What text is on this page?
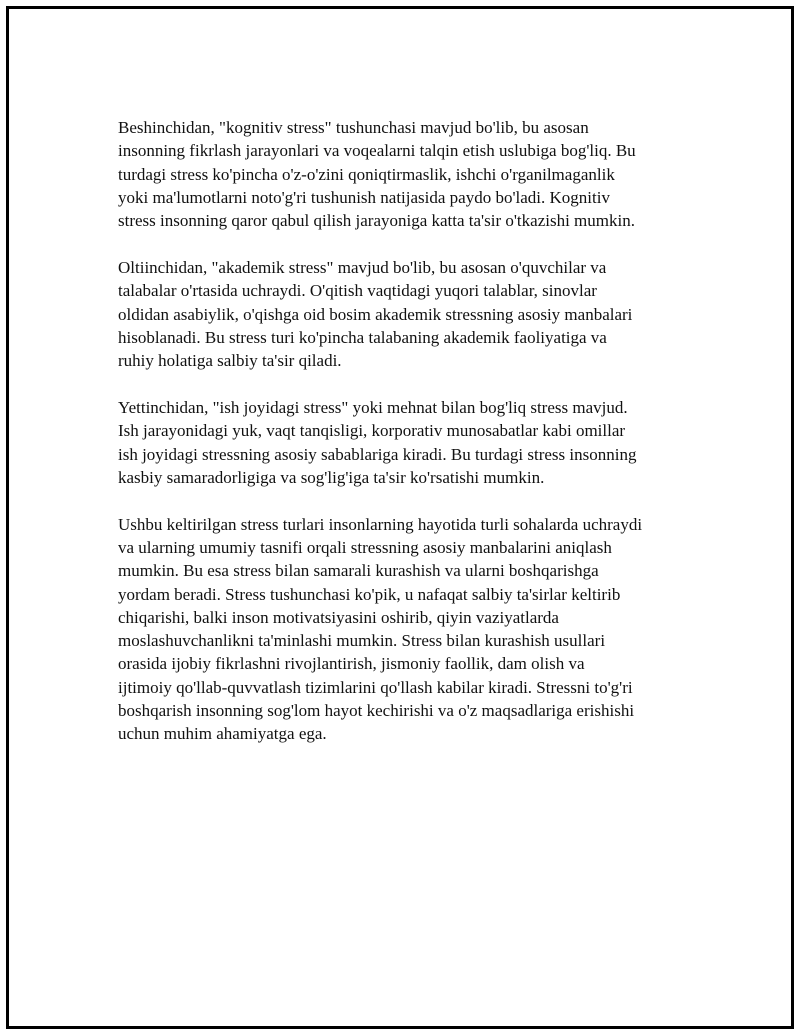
Beshinchidan, "kognitiv stress" tushunchasi mavjud bo'lib, bu asosan
insonning fikrlash jarayonlari va voqealarni talqin etish uslubiga bog'liq. Bu
turdagi stress ko'pincha o'z-o'zini qoniqtirmaslik, ishchi o'rganilmaganlik
yoki ma'lumotlarni noto'g'ri tushunish natijasida paydo bo'ladi. Kognitiv
stress insonning qaror qabul qilish jarayoniga katta ta'sir o'tkazishi mumkin.

Oltiinchidan, "akademik stress" mavjud bo'lib, bu asosan o'quvchilar va
talabalar o'rtasida uchraydi. O'qitish vaqtidagi yuqori talablar, sinovlar
oldidan asabiylik, o'qishga oid bosim akademik stressning asosiy manbalari
hisoblanadi. Bu stress turi ko'pincha talabaning akademik faoliyatiga va
ruhiy holatiga salbiy ta'sir qiladi.

Yettinchidan, "ish joyidagi stress" yoki mehnat bilan bog'liq stress mavjud.
Ish jarayonidagi yuk, vaqt tanqisligi, korporativ munosabatlar kabi omillar
ish joyidagi stressning asosiy sabablariga kiradi. Bu turdagi stress insonning
kasbiy samaradorligiga va sog'lig'iga ta'sir ko'rsatishi mumkin.

Ushbu keltirilgan stress turlari insonlarning hayotida turli sohalarda uchraydi
va ularning umumiy tasnifi orqali stressning asosiy manbalarini aniqlash
mumkin. Bu esa stress bilan samarali kurashish va ularni boshqarishga
yordam beradi. Stress tushunchasi ko'pik, u nafaqat salbiy ta'sirlar keltirib
chiqarishi, balki inson motivatsiyasini oshirib, qiyin vaziyatlarda
moslashuvchanlikni ta'minlashi mumkin. Stress bilan kurashish usullari
orasida ijobiy fikrlashni rivojlantirish, jismoniy faollik, dam olish va
ijtimoiy qo'llab-quvvatlash tizimlarini qo'llash kabilar kiradi. Stressni to'g'ri
boshqarish insonning sog'lom hayot kechirishi va o'z maqsadlariga erishishi
uchun muhim ahamiyatga ega.
